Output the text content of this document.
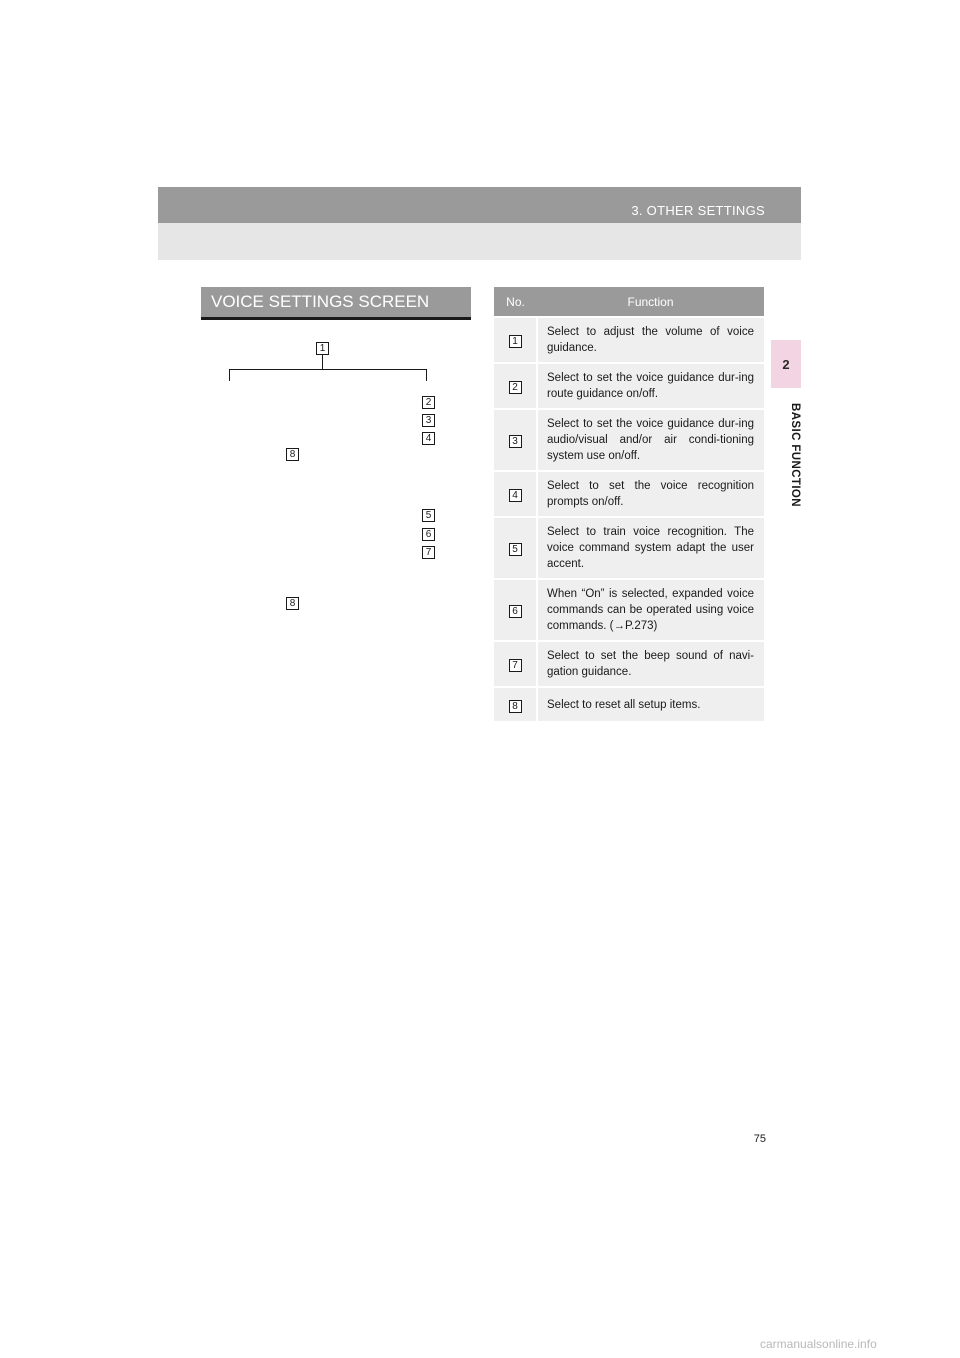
3. OTHER SETTINGS
2
BASIC FUNCTION
VOICE SETTINGS SCREEN
1
2
3
4
8
5
6
7
8
No.	Function
1	Select to adjust the volume of voice guidance.
2	Select to set the voice guidance dur-ing route guidance on/off.
3	Select to set the voice guidance dur-ing audio/visual and/or air condi-tioning system use on/off.
4	Select to set the voice recognition prompts on/off.
5	Select to train voice recognition. The voice command system adapt the user accent.
6	When “On” is selected, expanded voice commands can be operated using voice commands. (→P.273)
7	Select to set the beep sound of navi-gation guidance.
8	Select to reset all setup items.
75
carmanualsonline.info
